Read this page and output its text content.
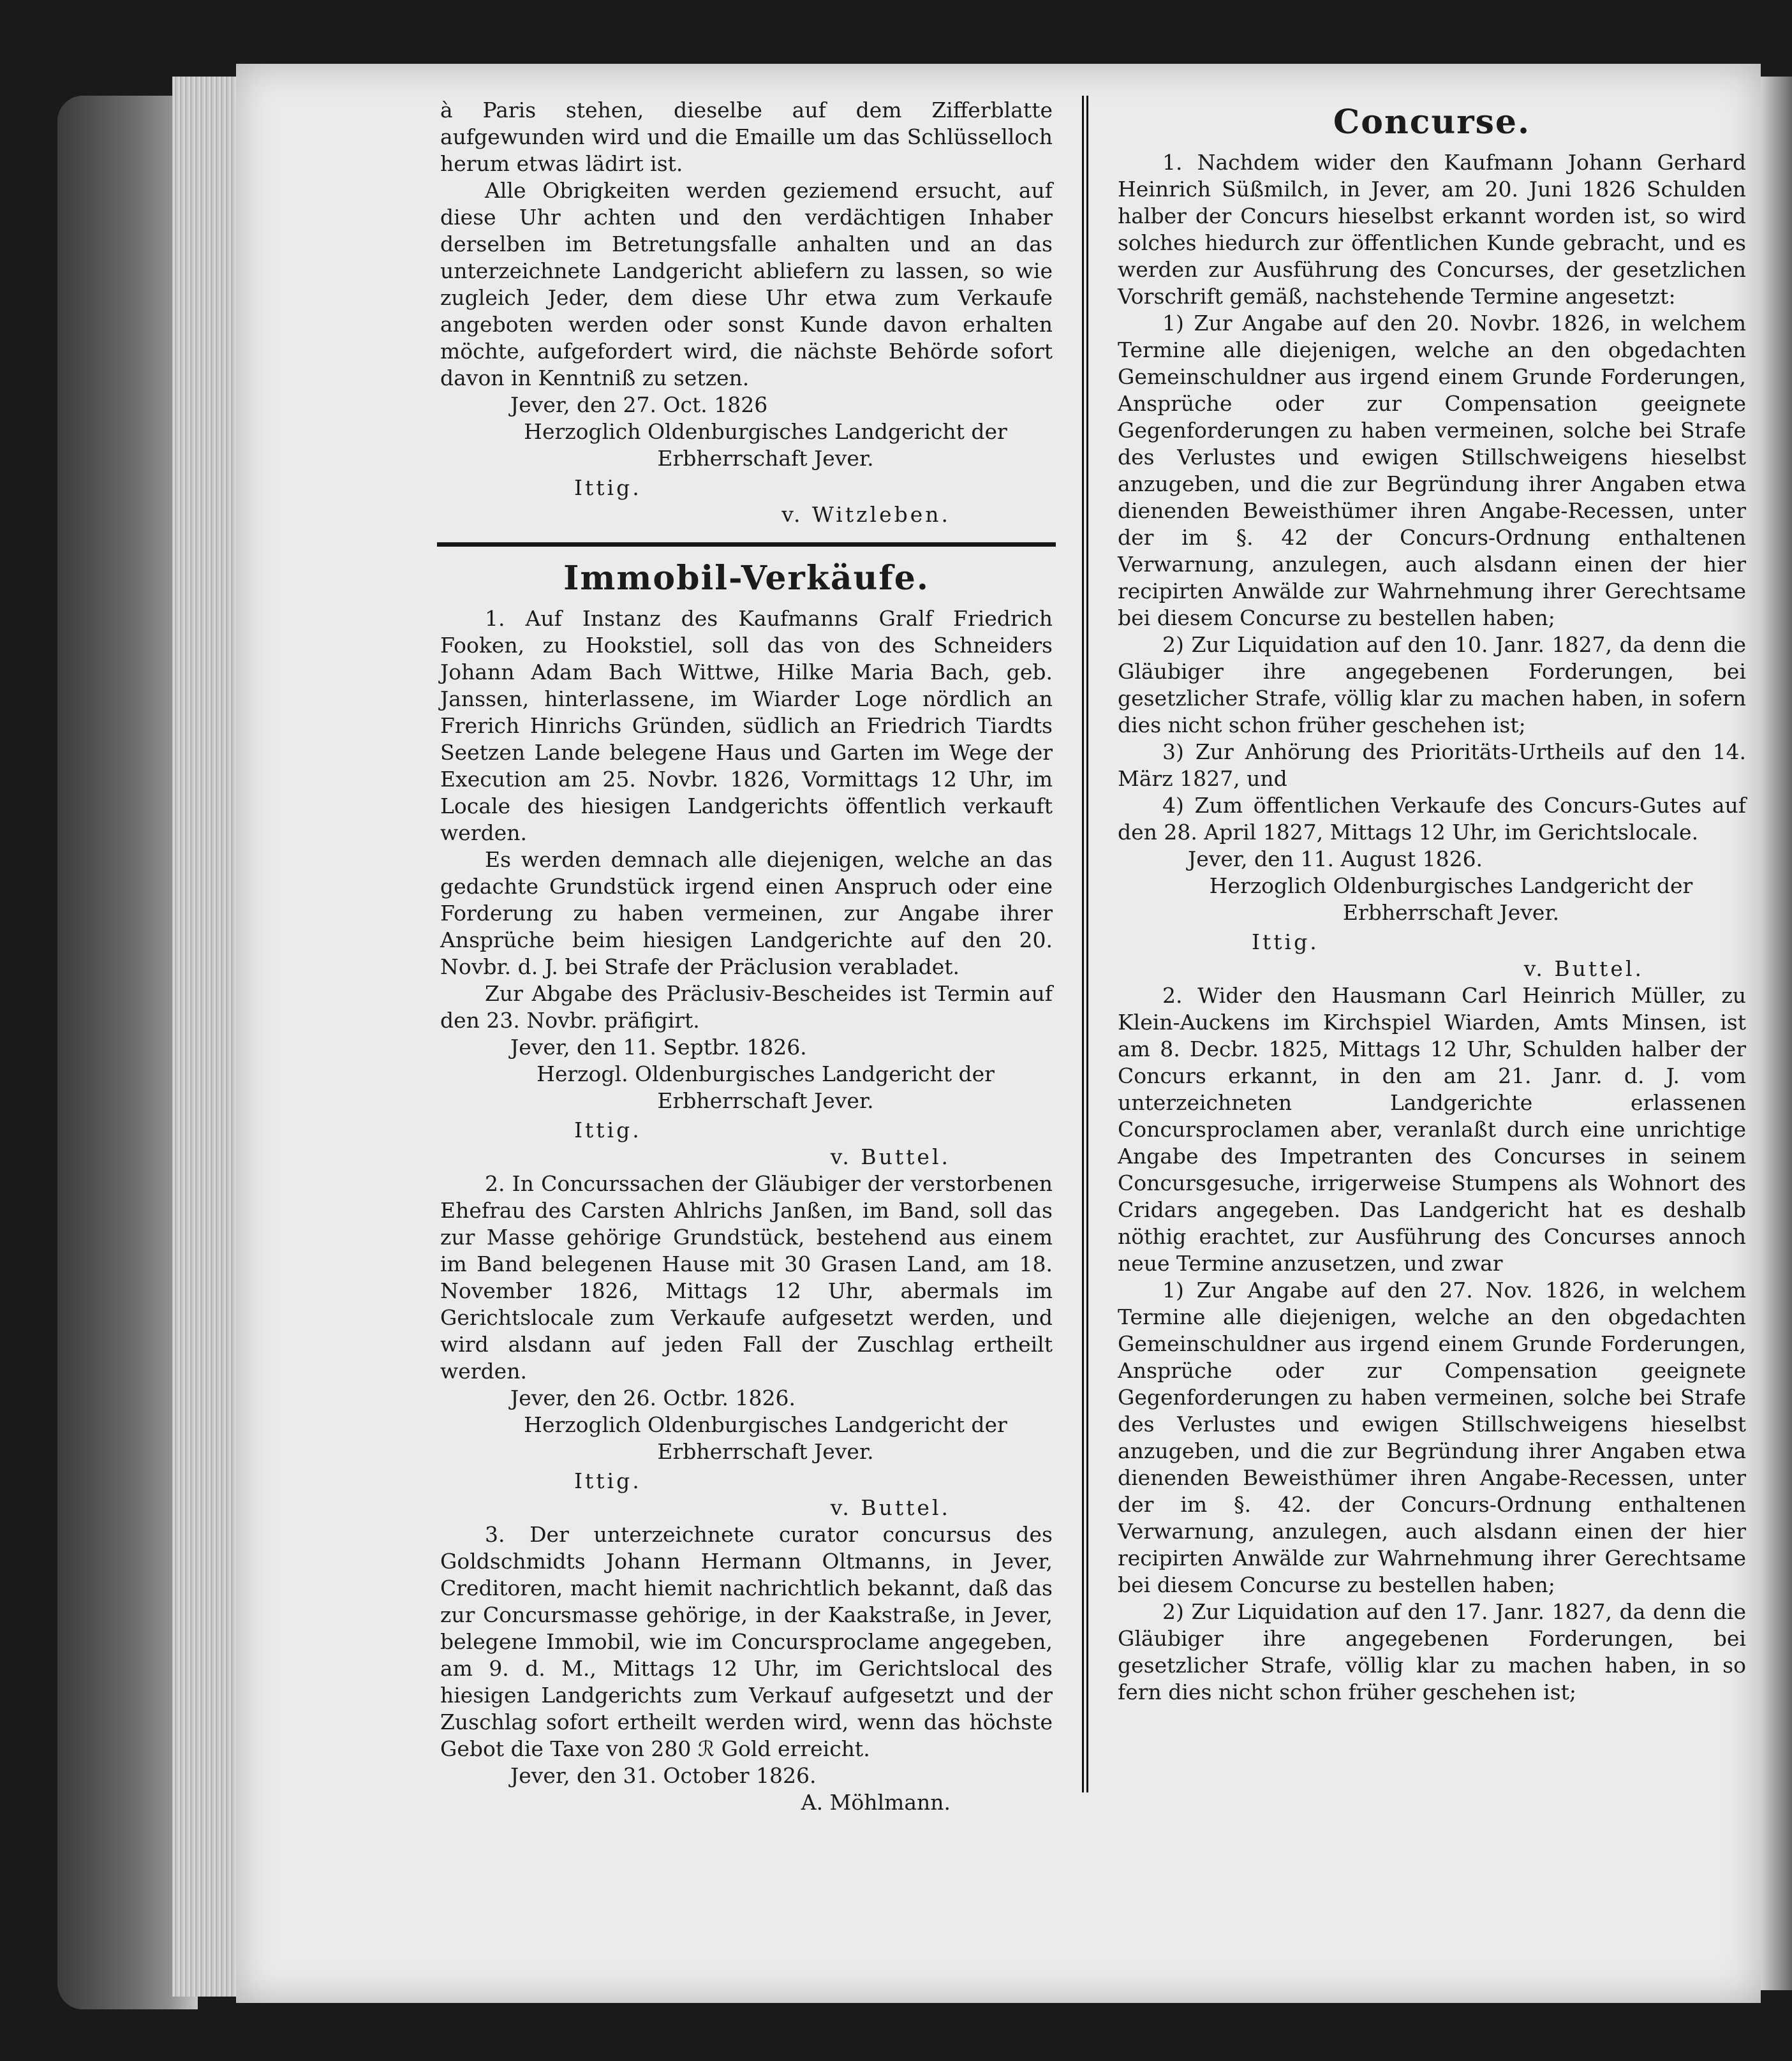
à Paris stehen, dieselbe auf dem Zifferblatte aufgewunden wird und die Emaille um das Schlüsselloch herum etwas lädirt ist.

Alle Obrigkeiten werden geziemend ersucht, auf diese Uhr achten und den verdächtigen Inhaber derselben im Betretungsfalle anhalten und an das unterzeichnete Landgericht abliefern zu lassen, so wie zugleich Jeder, dem diese Uhr etwa zum Verkaufe angeboten werden oder sonst Kunde davon erhalten möchte, aufgefordert wird, die nächste Behörde sofort davon in Kenntniß zu setzen.

Jever, den 27. Oct. 1826

Herzoglich Oldenburgisches Landgericht der Erbherrschaft Jever.

Ittig.

v. Witzleben.

Immobil-Verkäufe.

1. Auf Instanz des Kaufmanns Gralf Friedrich Fooken, zu Hookstiel, soll das von des Schneiders Johann Adam Bach Wittwe, Hilke Maria Bach, geb. Janssen, hinterlassene, im Wiarder Loge nördlich an Frerich Hinrichs Gründen, südlich an Friedrich Tiardts Seetzen Lande belegene Haus und Garten im Wege der Execution am 25. Novbr. 1826, Vormittags 12 Uhr, im Locale des hiesigen Landgerichts öffentlich verkauft werden.

Es werden demnach alle diejenigen, welche an das gedachte Grundstück irgend einen Anspruch oder eine Forderung zu haben vermeinen, zur Angabe ihrer Ansprüche beim hiesigen Landgerichte auf den 20. Novbr. d. J. bei Strafe der Präclusion verabladet.

Zur Abgabe des Präclusiv-Bescheides ist Termin auf den 23. Novbr. präfigirt.

Jever, den 11. Septbr. 1826.

Herzogl. Oldenburgisches Landgericht der Erbherrschaft Jever.

Ittig.

v. Buttel.

2. In Concurssachen der Gläubiger der verstorbenen Ehefrau des Carsten Ahlrichs Janßen, im Band, soll das zur Masse gehörige Grundstück, bestehend aus einem im Band belegenen Hause mit 30 Grasen Land, am 18. November 1826, Mittags 12 Uhr, abermals im Gerichtslocale zum Verkaufe aufgesetzt werden, und wird alsdann auf jeden Fall der Zuschlag ertheilt werden.

Jever, den 26. Octbr. 1826.

Herzoglich Oldenburgisches Landgericht der Erbherrschaft Jever.

Ittig.

v. Buttel.

3. Der unterzeichnete curator concursus des Goldschmidts Johann Hermann Oltmanns, in Jever, Creditoren, macht hiemit nachrichtlich bekannt, daß das zur Concursmasse gehörige, in der Kaakstraße, in Jever, belegene Immobil, wie im Concursproclame angegeben, am 9. d. M., Mittags 12 Uhr, im Gerichtslocal des hiesigen Landgerichts zum Verkauf aufgesetzt und der Zuschlag sofort ertheilt werden wird, wenn das höchste Gebot die Taxe von 280 ℛ Gold erreicht.

Jever, den 31. October 1826.

A. Möhlmann.

Concurse.

1. Nachdem wider den Kaufmann Johann Gerhard Heinrich Süßmilch, in Jever, am 20. Juni 1826 Schulden halber der Concurs hieselbst erkannt worden ist, so wird solches hiedurch zur öffentlichen Kunde gebracht, und es werden zur Ausführung des Concurses, der gesetzlichen Vorschrift gemäß, nachstehende Termine angesetzt:

1) Zur Angabe auf den 20. Novbr. 1826, in welchem Termine alle diejenigen, welche an den obgedachten Gemeinschuldner aus irgend einem Grunde Forderungen, Ansprüche oder zur Compensation geeignete Gegenforderungen zu haben vermeinen, solche bei Strafe des Verlustes und ewigen Stillschweigens hieselbst anzugeben, und die zur Begründung ihrer Angaben etwa dienenden Beweisthümer ihren Angabe-Recessen, unter der im §. 42 der Concurs-Ordnung enthaltenen Verwarnung, anzulegen, auch alsdann einen der hier recipirten Anwälde zur Wahrnehmung ihrer Gerechtsame bei diesem Concurse zu bestellen haben;

2) Zur Liquidation auf den 10. Janr. 1827, da denn die Gläubiger ihre angegebenen Forderungen, bei gesetzlicher Strafe, völlig klar zu machen haben, in sofern dies nicht schon früher geschehen ist;

3) Zur Anhörung des Prioritäts-Urtheils auf den 14. März 1827, und

4) Zum öffentlichen Verkaufe des Concurs-Gutes auf den 28. April 1827, Mittags 12 Uhr, im Gerichtslocale.

Jever, den 11. August 1826.

Herzoglich Oldenburgisches Landgericht der Erbherrschaft Jever.

Ittig.

v. Buttel.

2. Wider den Hausmann Carl Heinrich Müller, zu Klein-Auckens im Kirchspiel Wiarden, Amts Minsen, ist am 8. Decbr. 1825, Mittags 12 Uhr, Schulden halber der Concurs erkannt, in den am 21. Janr. d. J. vom unterzeichneten Landgerichte erlassenen Concursproclamen aber, veranlaßt durch eine unrichtige Angabe des Impetranten des Concurses in seinem Concursgesuche, irrigerweise Stumpens als Wohnort des Cridars angegeben. Das Landgericht hat es deshalb nöthig erachtet, zur Ausführung des Concurses annoch neue Termine anzusetzen, und zwar

1) Zur Angabe auf den 27. Nov. 1826, in welchem Termine alle diejenigen, welche an den obgedachten Gemeinschuldner aus irgend einem Grunde Forderungen, Ansprüche oder zur Compensation geeignete Gegenforderungen zu haben vermeinen, solche bei Strafe des Verlustes und ewigen Stillschweigens hieselbst anzugeben, und die zur Begründung ihrer Angaben etwa dienenden Beweisthümer ihren Angabe-Recessen, unter der im §. 42. der Concurs-Ordnung enthaltenen Verwarnung, anzulegen, auch alsdann einen der hier recipirten Anwälde zur Wahrnehmung ihrer Gerechtsame bei diesem Concurse zu bestellen haben;

2) Zur Liquidation auf den 17. Janr. 1827, da denn die Gläubiger ihre angegebenen Forderungen, bei gesetzlicher Strafe, völlig klar zu machen haben, in so fern dies nicht schon früher geschehen ist;
